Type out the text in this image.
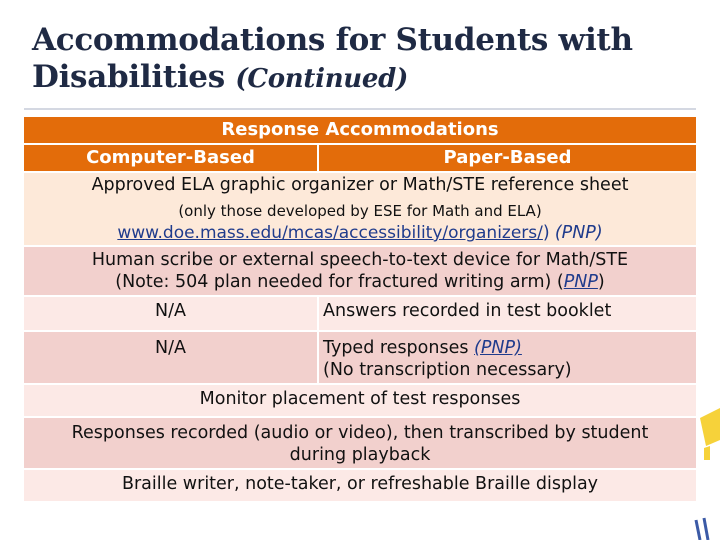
Accommodations for Students with Disabilities (Continued)
Response Accommodations	
Computer-Based	Paper-Based

Approved ELA graphic organizer or Math/STE reference sheet
(only those developed by ESE for Math and ELA)
www.doe.mass.edu/mcas/accessibility/organizers/) (PNP)	

Human scribe or external speech-to-text device for Math/STE
(Note: 504 plan needed for fractured writing arm) (PNP)	

N/A	Answers recorded in test booklet
N/A	Typed responses (PNP)
(No transcription necessary)

Monitor placement of test responses	
Responses recorded (audio or video), then transcribed by student during playback	
Braille writer, note-taker, or refreshable Braille display	
